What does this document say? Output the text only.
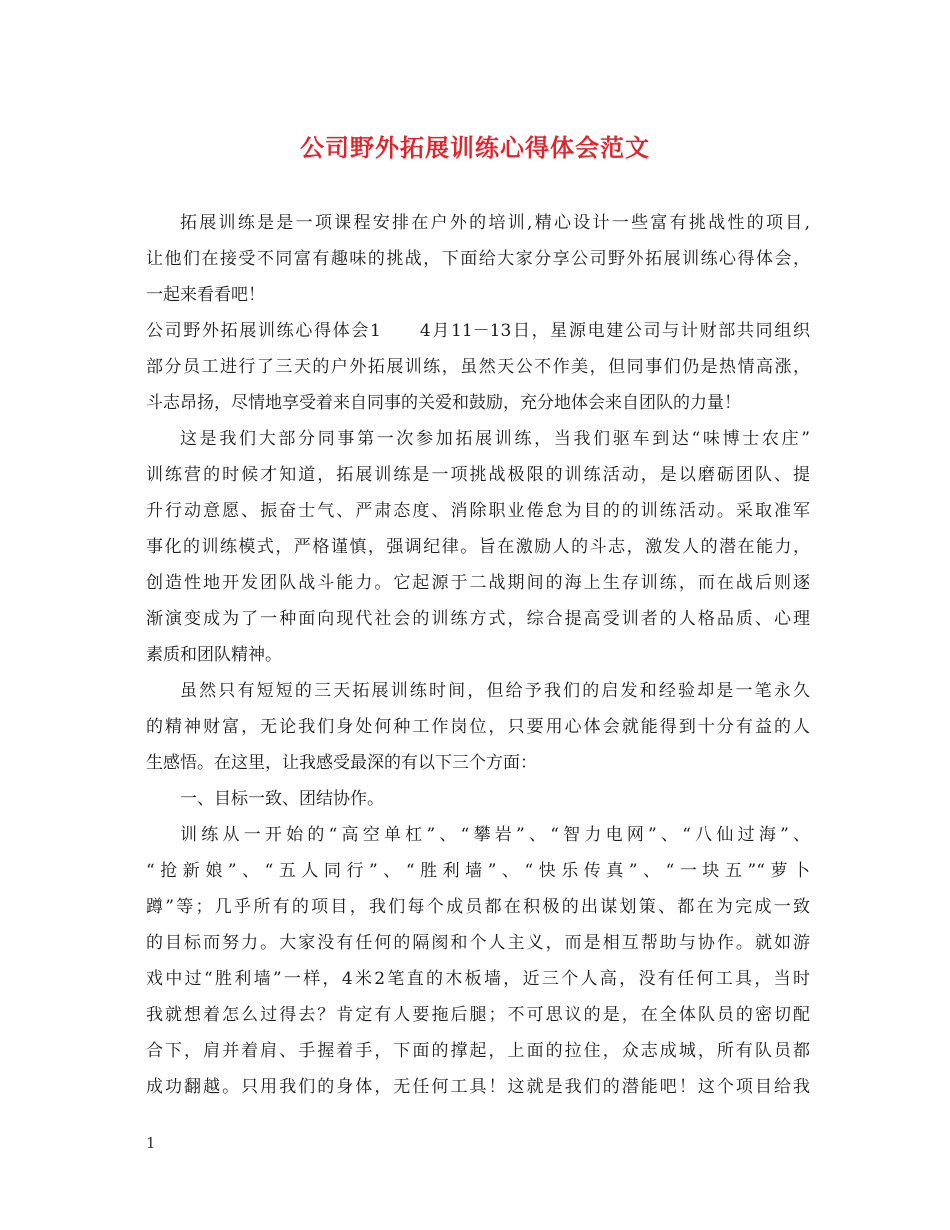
公司野外拓展训练心得体会范文
拓展训练是是一项课程安排在户外的培训,精心设计一些富有挑战性的项目,
让他们在接受不同富有趣味的挑战，下面给大家分享公司野外拓展训练心得体会，
一起来看看吧！
公司野外拓展训练心得体会1　　4月11－13日，星源电建公司与计财部共同组织
部分员工进行了三天的户外拓展训练，虽然天公不作美，但同事们仍是热情高涨，
斗志昂扬，尽情地享受着来自同事的关爱和鼓励，充分地体会来自团队的力量！
这是我们大部分同事第一次参加拓展训练，当我们驱车到达“味博士农庄”
训练营的时候才知道，拓展训练是一项挑战极限的训练活动，是以磨砺团队、提
升行动意愿、振奋士气、严肃态度、消除职业倦怠为目的的训练活动。采取准军
事化的训练模式，严格谨慎，强调纪律。旨在激励人的斗志，激发人的潜在能力，
创造性地开发团队战斗能力。它起源于二战期间的海上生存训练，而在战后则逐
渐演变成为了一种面向现代社会的训练方式，综合提高受训者的人格品质、心理
素质和团队精神。
虽然只有短短的三天拓展训练时间，但给予我们的启发和经验却是一笔永久
的精神财富，无论我们身处何种工作岗位，只要用心体会就能得到十分有益的人
生感悟。在这里，让我感受最深的有以下三个方面：
一、目标一致、团结协作。
训练从一开始的“高空单杠”、“攀岩”、“智力电网”、“八仙过海”、
“抢新娘”、“五人同行”、“胜利墙”、“快乐传真”、“一块五”“萝卜
蹲”等；几乎所有的项目，我们每个成员都在积极的出谋划策、都在为完成一致
的目标而努力。大家没有任何的隔阂和个人主义，而是相互帮助与协作。就如游
戏中过“胜利墙”一样，4米2笔直的木板墙，近三个人高，没有任何工具，当时
我就想着怎么过得去？肯定有人要拖后腿；不可思议的是，在全体队员的密切配
合下，肩并着肩、手握着手，下面的撑起，上面的拉住，众志成城，所有队员都
成功翻越。只用我们的身体，无任何工具！这就是我们的潜能吧！这个项目给我
1
